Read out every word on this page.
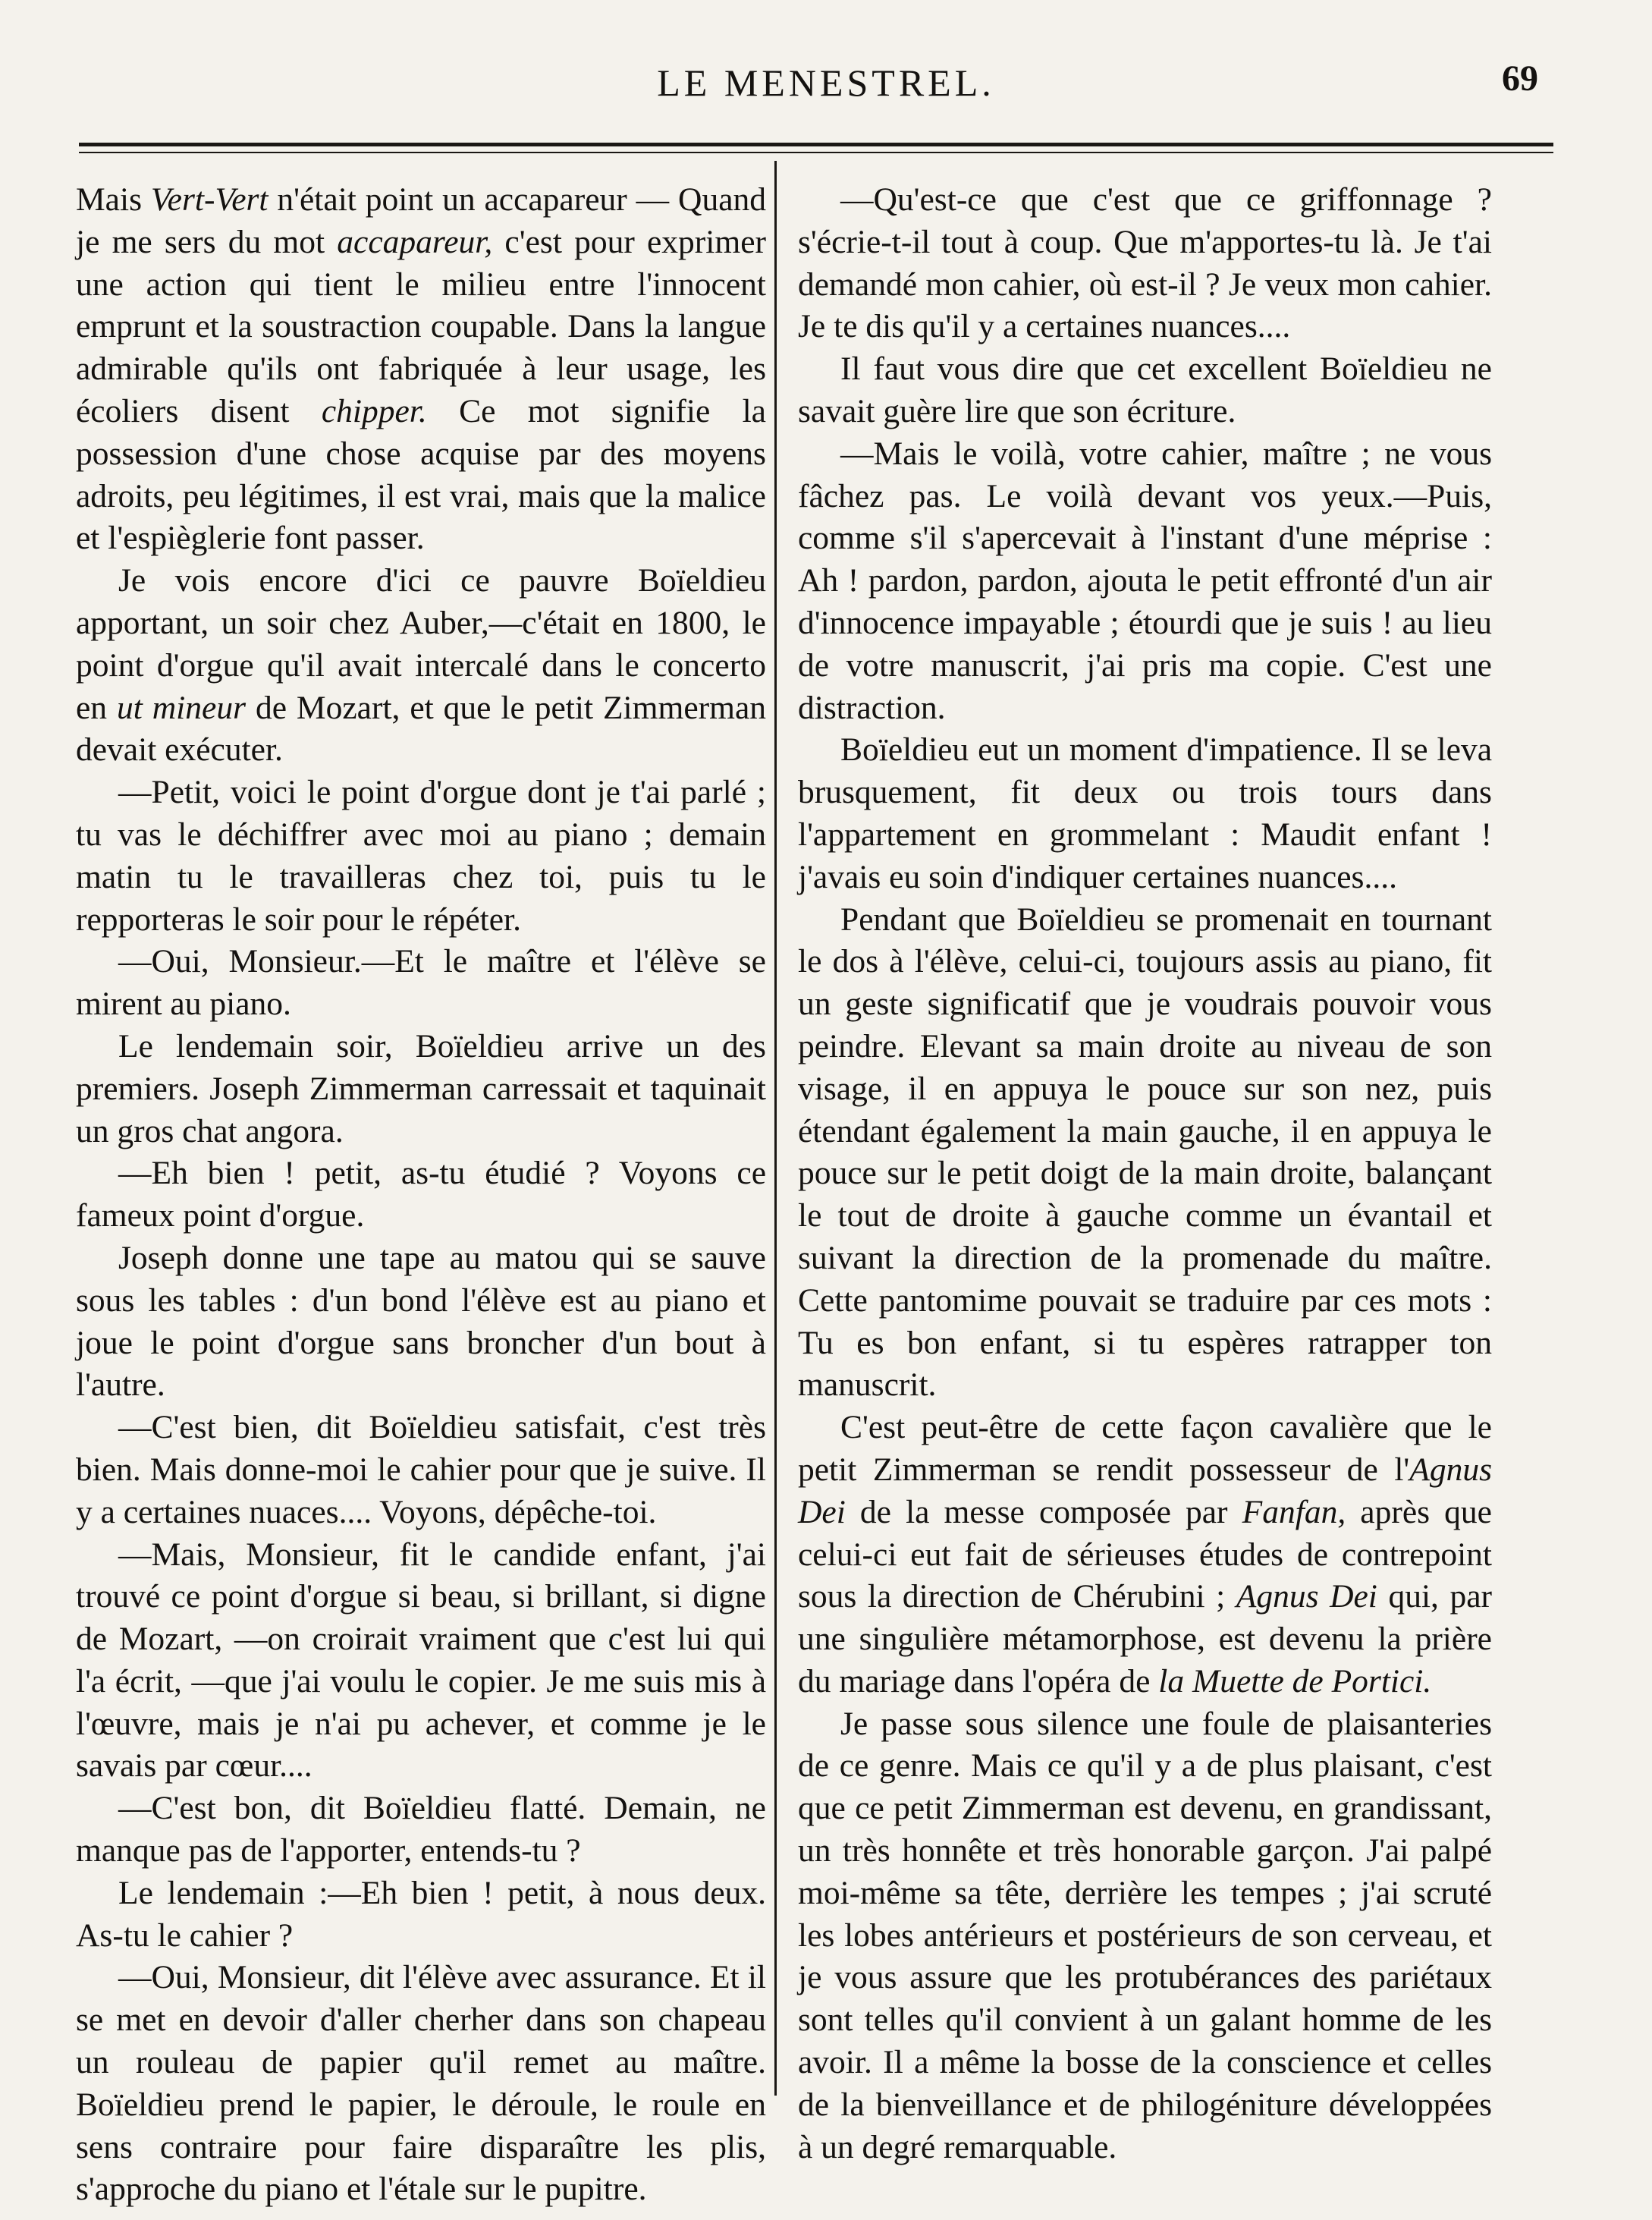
LE MENESTREL.	69

Mais Vert-Vert n'était point un accapareur — Quand je me sers du mot accapareur, c'est pour exprimer une action qui tient le milieu entre l'innocent emprunt et la soustraction coupable. Dans la langue admirable qu'ils ont fabriquée à leur usage, les écoliers disent chipper. Ce mot signifie la possession d'une chose acquise par des moyens adroits, peu légitimes, il est vrai, mais que la malice et l'espièglerie font passer.

Je vois encore d'ici ce pauvre Boïeldieu apportant, un soir chez Auber,—c'était en 1800, le point d'orgue qu'il avait intercalé dans le concerto en ut mineur de Mozart, et que le petit Zimmerman devait exécuter.

—Petit, voici le point d'orgue dont je t'ai parlé ; tu vas le déchiffrer avec moi au piano ; demain matin tu le travailleras chez toi, puis tu le repporteras le soir pour le répéter.

—Oui, Monsieur.—Et le maître et l'élève se mirent au piano.

Le lendemain soir, Boïeldieu arrive un des premiers. Joseph Zimmerman carressait et taquinait un gros chat angora.

—Eh bien ! petit, as-tu étudié ? Voyons ce fameux point d'orgue.

Joseph donne une tape au matou qui se sauve sous les tables : d'un bond l'élève est au piano et joue le point d'orgue sans broncher d'un bout à l'autre.

—C'est bien, dit Boïeldieu satisfait, c'est très bien. Mais donne-moi le cahier pour que je suive. Il y a certaines nuaces.... Voyons, dépêche-toi.

—Mais, Monsieur, fit le candide enfant, j'ai trouvé ce point d'orgue si beau, si brillant, si digne de Mozart, —on croirait vraiment que c'est lui qui l'a écrit, —que j'ai voulu le copier. Je me suis mis à l'œuvre, mais je n'ai pu achever, et comme je le savais par cœur....

—C'est bon, dit Boïeldieu flatté. Demain, ne manque pas de l'apporter, entends-tu ?

Le lendemain :—Eh bien ! petit, à nous deux. As-tu le cahier ?

—Oui, Monsieur, dit l'élève avec assurance. Et il se met en devoir d'aller cherher dans son chapeau un rouleau de papier qu'il remet au maître. Boïeldieu prend le papier, le déroule, le roule en sens contraire pour faire disparaître les plis, s'approche du piano et l'étale sur le pupitre.

—Qu'est-ce que c'est que ce griffonnage ? s'écrie-t-il tout à coup. Que m'apportes-tu là. Je t'ai demandé mon cahier, où est-il ? Je veux mon cahier. Je te dis qu'il y a certaines nuances....

Il faut vous dire que cet excellent Boïeldieu ne savait guère lire que son écriture.

—Mais le voilà, votre cahier, maître ; ne vous fâchez pas. Le voilà devant vos yeux.—Puis, comme s'il s'apercevait à l'instant d'une méprise : Ah ! pardon, pardon, ajouta le petit effronté d'un air d'innocence impayable ; étourdi que je suis ! au lieu de votre manuscrit, j'ai pris ma copie. C'est une distraction.

Boïeldieu eut un moment d'impatience. Il se leva brusquement, fit deux ou trois tours dans l'appartement en grommelant : Maudit enfant ! j'avais eu soin d'indiquer certaines nuances....

Pendant que Boïeldieu se promenait en tournant le dos à l'élève, celui-ci, toujours assis au piano, fit un geste significatif que je voudrais pouvoir vous peindre. Elevant sa main droite au niveau de son visage, il en appuya le pouce sur son nez, puis étendant également la main gauche, il en appuya le pouce sur le petit doigt de la main droite, balançant le tout de droite à gauche comme un évantail et suivant la direction de la promenade du maître. Cette pantomime pouvait se traduire par ces mots : Tu es bon enfant, si tu espères ratrapper ton manuscrit.

C'est peut-être de cette façon cavalière que le petit Zimmerman se rendit possesseur de l'Agnus Dei de la messe composée par Fanfan, après que celui-ci eut fait de sérieuses études de contrepoint sous la direction de Chérubini ; Agnus Dei qui, par une singulière métamorphose, est devenu la prière du mariage dans l'opéra de la Muette de Portici.

Je passe sous silence une foule de plaisanteries de ce genre. Mais ce qu'il y a de plus plaisant, c'est que ce petit Zimmerman est devenu, en grandissant, un très honnête et très honorable garçon. J'ai palpé moi-même sa tête, derrière les tempes ; j'ai scruté les lobes antérieurs et postérieurs de son cerveau, et je vous assure que les protubérances des pariétaux sont telles qu'il convient à un galant homme de les avoir. Il a même la bosse de la conscience et celles de la bienveillance et de philogéniture développées à un degré remarquable.
